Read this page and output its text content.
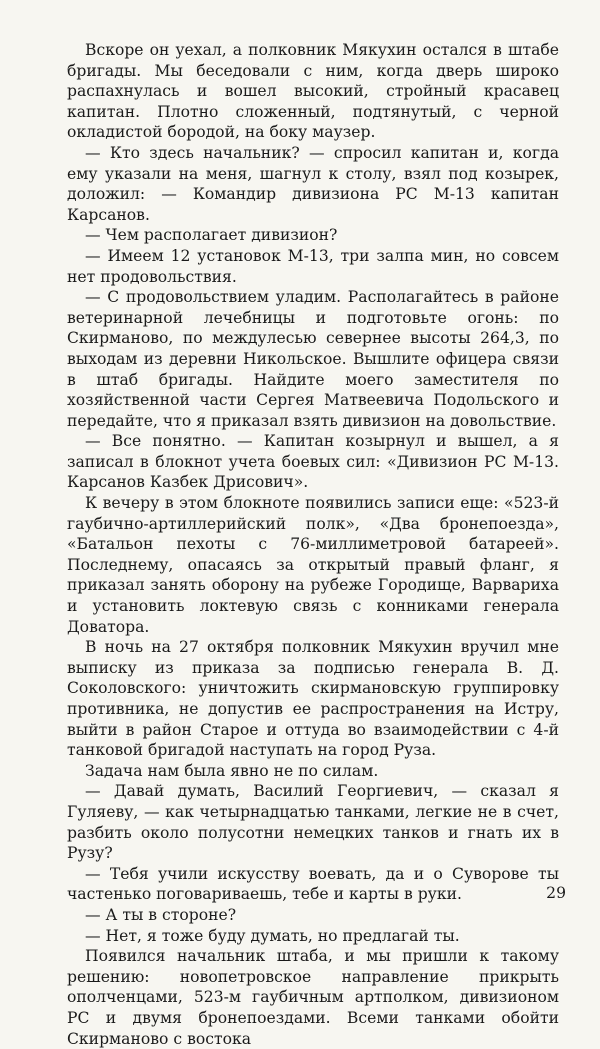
Вскоре он уехал, а полковник Мякухин остался в штабе бригады. Мы беседовали с ним, когда дверь широко распахнулась и вошел высокий, стройный красавец капитан. Плотно сложенный, подтянутый, с черной окладистой бородой, на боку маузер.

— Кто здесь начальник? — спросил капитан и, когда ему указали на меня, шагнул к столу, взял под козырек, доложил: — Командир дивизиона РС М-13 капитан Карсанов.

— Чем располагает дивизион?

— Имеем 12 установок М-13, три залпа мин, но совсем нет продовольствия.

— С продовольствием уладим. Располагайтесь в районе ветеринарной лечебницы и подготовьте огонь: по Скирманово, по междулесью севернее высоты 264,3, по выходам из деревни Никольское. Вышлите офицера связи в штаб бригады. Найдите моего заместителя по хозяйственной части Сергея Матвеевича Подольского и передайте, что я приказал взять дивизион на довольствие.

— Все понятно. — Капитан козырнул и вышел, а я записал в блокнот учета боевых сил: «Дивизион РС М-13. Карсанов Казбек Дрисович».

К вечеру в этом блокноте появились записи еще: «523-й гаубично-артиллерийский полк», «Два бронепоезда», «Батальон пехоты с 76-миллиметровой батареей». Последнему, опасаясь за открытый правый фланг, я приказал занять оборону на рубеже Городище, Варвариха и установить локтевую связь с конниками генерала Доватора.

В ночь на 27 октября полковник Мякухин вручил мне выписку из приказа за подписью генерала В. Д. Соколовского: уничтожить скирмановскую группировку противника, не допустив ее распространения на Истру, выйти в район Старое и оттуда во взаимодействии с 4-й танковой бригадой наступать на город Руза.

Задача нам была явно не по силам.

— Давай думать, Василий Георгиевич, — сказал я Гуляеву, — как четырнадцатью танками, легкие не в счет, разбить около полусотни немецких танков и гнать их в Рузу?

— Тебя учили искусству воевать, да и о Суворове ты частенько поговариваешь, тебе и карты в руки.

— А ты в стороне?

— Нет, я тоже буду думать, но предлагай ты.

Появился начальник штаба, и мы пришли к такому решению: новопетровское направление прикрыть ополченцами, 523-м гаубичным артполком, дивизионом РС и двумя бронепоездами. Всеми танками обойти Скирманово с востока

29
